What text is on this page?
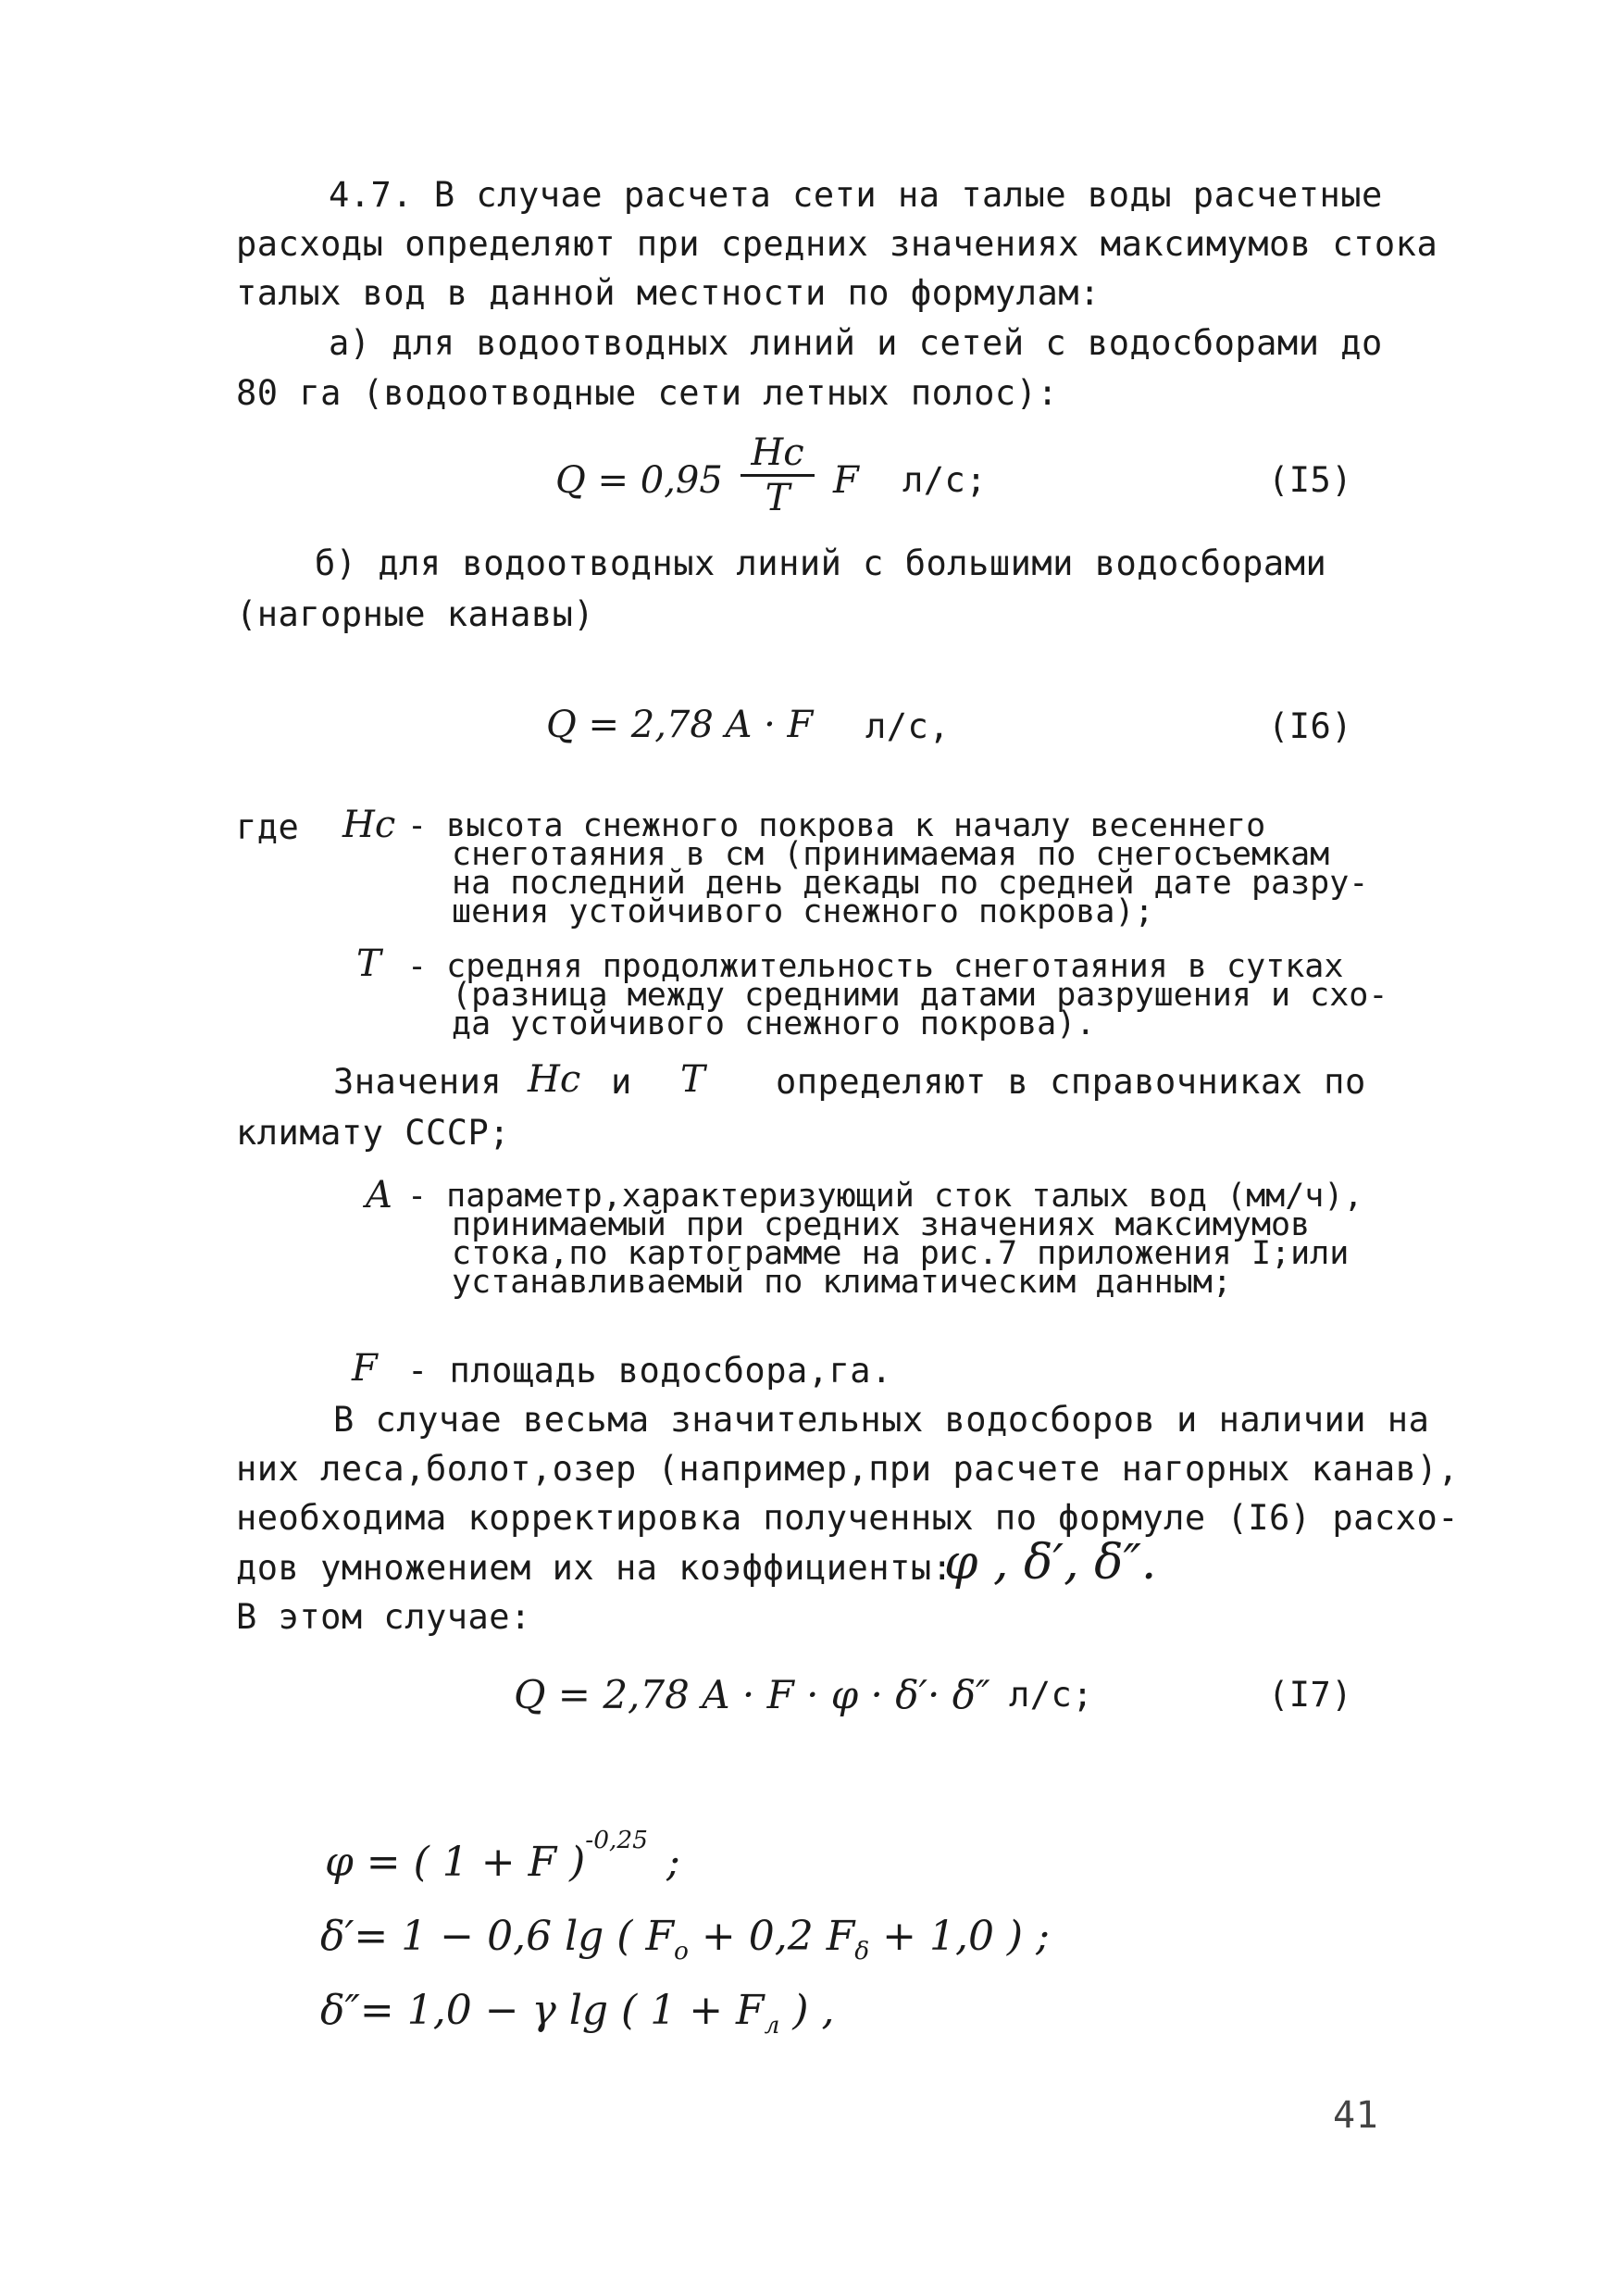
4.7. В случае расчета сети на талые воды расчетные
расходы определяют при средних значениях максимумов стока
талых вод в данной местности по формулам:
а) для водоотводных линий и сетей с водосборами до
80 га (водоотводные сети летных полос):
Q = 0,95
Hc
T	F л/с;	(I5)
б) для водоотводных линий с большими водосборами
(нагорные канавы)
Q = 2,78 A · F л/с,	(I6)
где Hc - высота снежного покрова к началу весеннего
снеготаяния в см (принимаемая по снегосъемкам
на последний день декады по средней дате разру-
шения устойчивого снежного покрова);
T - средняя продолжительность снеготаяния в сутках
(разница между средними датами разрушения и схо-
да устойчивого снежного покрова).
Значения Hc и T определяют в справочниках по
климату СССР;
A - параметр,характеризующий сток талых вод (мм/ч),
принимаемый при средних значениях максимумов
стока,по картограмме на рис.7 приложения I;или
устанавливаемый по климатическим данным;
F - площадь водосбора,га.
В случае весьма значительных водосборов и наличии на
них леса,болот,озер (например,при расчете нагорных канав),
необходима корректировка полученных по формуле (I6) расхо-
дов умножением их на коэффициенты:
φ , δ′, δ″.
В этом случае:
Q = 2,78 A · F · φ · δ′· δ″ л/с;	(I7)

φ = ( 1 + F )$^{-0,25}$ ;

δ′= 1 − 0,6 lg ( $F_о + 0,2$ $F_\delta + 1,0$ ) ;

δ″= 1,0 − γ lg ( $1 + F_л$ ) ,

41
